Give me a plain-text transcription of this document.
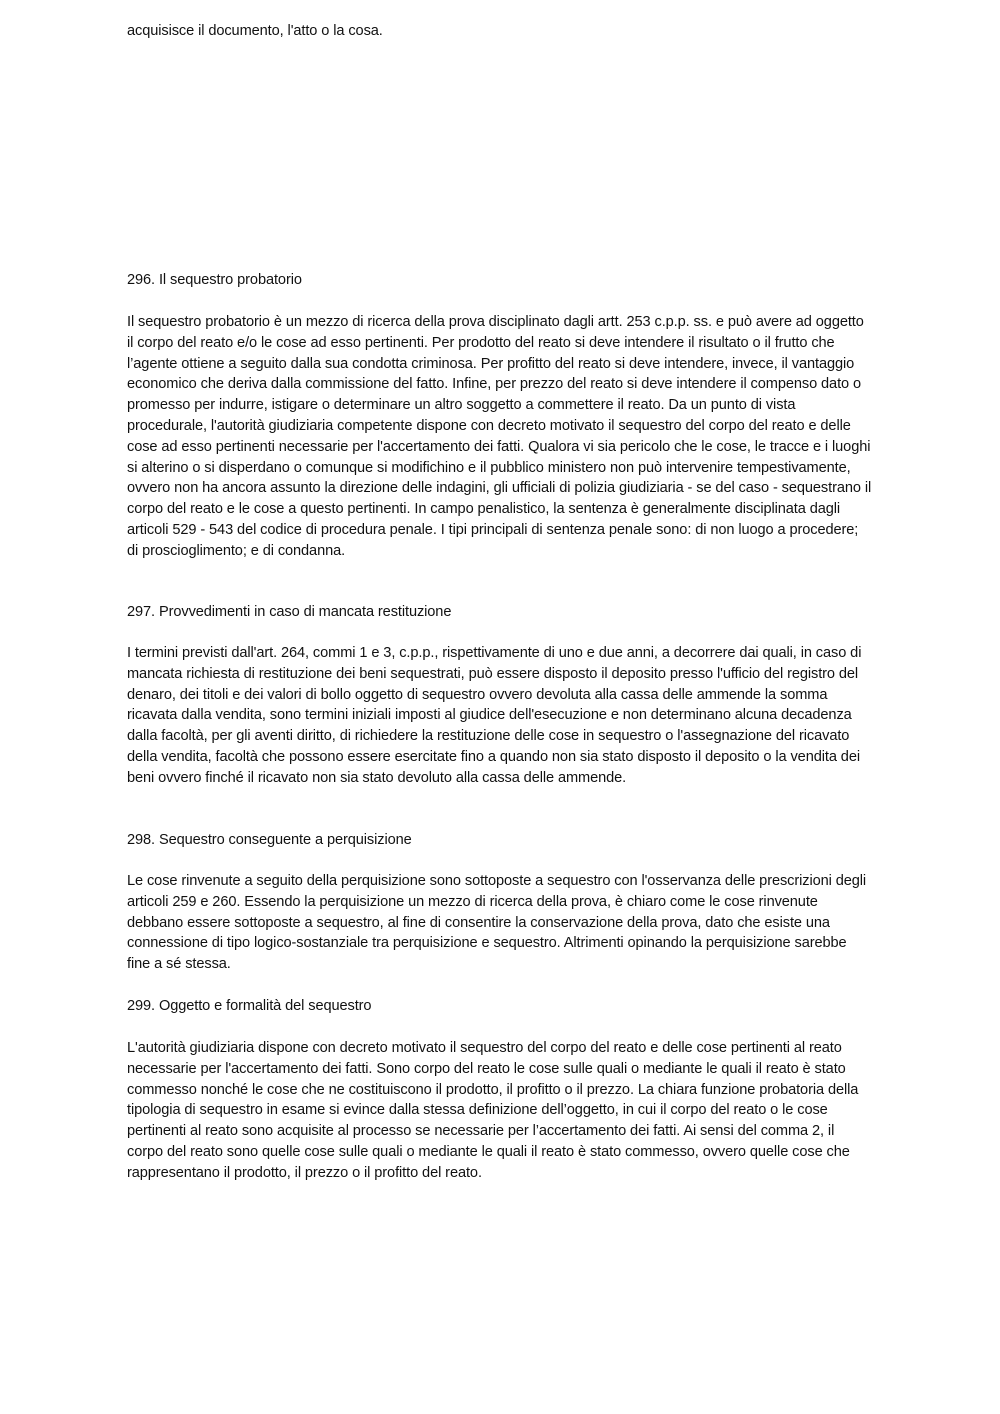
acquisisce il documento, l'atto o la cosa.

296. Il sequestro probatorio

Il sequestro probatorio è un mezzo di ricerca della prova disciplinato dagli artt. 253 c.p.p. ss. e può avere ad oggetto il corpo del reato e/o le cose ad esso pertinenti. Per prodotto del reato si deve intendere il risultato o il frutto che l’agente ottiene a seguito dalla sua condotta criminosa. Per profitto del reato si deve intendere, invece, il vantaggio economico che deriva dalla commissione del fatto. Infine, per prezzo del reato si deve intendere il compenso dato o promesso per indurre, istigare o determinare un altro soggetto a commettere il reato. Da un punto di vista procedurale, l'autorità giudiziaria competente dispone con decreto motivato il sequestro del corpo del reato e delle cose ad esso pertinenti necessarie per l'accertamento dei fatti. Qualora vi sia pericolo che le cose, le tracce e i luoghi si alterino o si disperdano o comunque si modifichino e il pubblico ministero non può intervenire tempestivamente, ovvero non ha ancora assunto la direzione delle indagini, gli ufficiali di polizia giudiziaria - se del caso - sequestrano il corpo del reato e le cose a questo pertinenti. In campo penalistico, la sentenza è generalmente disciplinata dagli articoli 529 - 543 del codice di procedura penale. I tipi principali di sentenza penale sono: di non luogo a procedere; di proscioglimento; e di condanna.

297. Provvedimenti in caso di mancata restituzione

I termini previsti dall'art. 264, commi 1 e 3, c.p.p., rispettivamente di uno e due anni, a decorrere dai quali, in caso di mancata richiesta di restituzione dei beni sequestrati, può essere disposto il deposito presso l'ufficio del registro del denaro, dei titoli e dei valori di bollo oggetto di sequestro ovvero devoluta alla cassa delle ammende la somma ricavata dalla vendita, sono termini iniziali imposti al giudice dell'esecuzione e non determinano alcuna decadenza dalla facoltà, per gli aventi diritto, di richiedere la restituzione delle cose in sequestro o l'assegnazione del ricavato della vendita, facoltà che possono essere esercitate fino a quando non sia stato disposto il deposito o la vendita dei beni ovvero finché il ricavato non sia stato devoluto alla cassa delle ammende.

298. Sequestro conseguente a perquisizione

Le cose rinvenute a seguito della perquisizione sono sottoposte a sequestro con l'osservanza delle prescrizioni degli articoli 259 e 260. Essendo la perquisizione un mezzo di ricerca della prova, è chiaro come le cose rinvenute debbano essere sottoposte a sequestro, al fine di consentire la conservazione della prova, dato che esiste una connessione di tipo logico-sostanziale tra perquisizione e sequestro. Altrimenti opinando la perquisizione sarebbe fine a sé stessa.

299. Oggetto e formalità del sequestro

L'autorità giudiziaria dispone con decreto motivato il sequestro del corpo del reato e delle cose pertinenti al reato necessarie per l'accertamento dei fatti. Sono corpo del reato le cose sulle quali o mediante le quali il reato è stato commesso nonché le cose che ne costituiscono il prodotto, il profitto o il prezzo. La chiara funzione probatoria della tipologia di sequestro in esame si evince dalla stessa definizione dell’oggetto, in cui il corpo del reato o le cose pertinenti al reato sono acquisite al processo se necessarie per l’accertamento dei fatti. Ai sensi del comma 2, il corpo del reato sono quelle cose sulle quali o mediante le quali il reato è stato commesso, ovvero quelle cose che rappresentano il prodotto, il prezzo o il profitto del reato.
